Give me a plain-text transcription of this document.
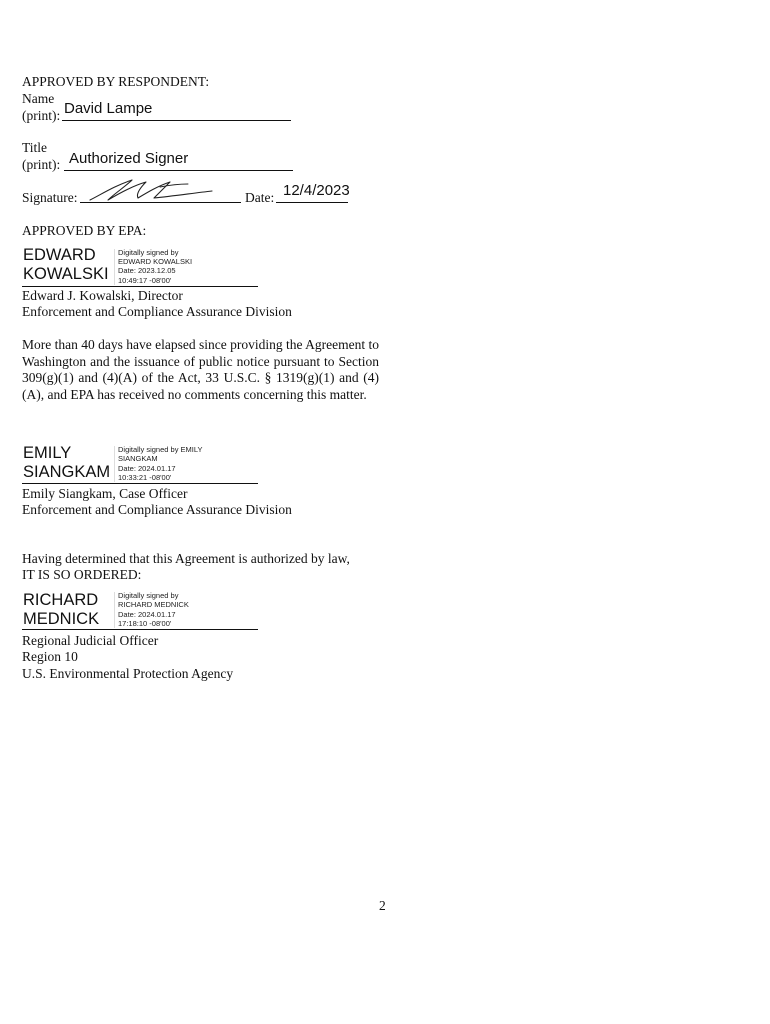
APPROVED BY RESPONDENT:
Name
(print): David Lampe
Title
(print): Authorized Signer
Signature:	Date: 12/4/2023
APPROVED BY EPA:
EDWARD
KOWALSKI
Digitally signed by
EDWARD KOWALSKI
Date: 2023.12.05
10:49:17 -08'00'
Edward J. Kowalski, Director
Enforcement and Compliance Assurance Division
More than 40 days have elapsed since providing the Agreement to Washington and the issuance of public notice pursuant to Section 309(g)(1) and (4)(A) of the Act, 33 U.S.C. § 1319(g)(1) and (4)(A), and EPA has received no comments concerning this matter.
EMILY
SIANGKAM
Digitally signed by EMILY
SIANGKAM
Date: 2024.01.17
10:33:21 -08'00'
Emily Siangkam, Case Officer
Enforcement and Compliance Assurance Division
Having determined that this Agreement is authorized by law,
IT IS SO ORDERED:
RICHARD
MEDNICK
Digitally signed by
RICHARD MEDNICK
Date: 2024.01.17
17:18:10 -08'00'
Regional Judicial Officer
Region 10
U.S. Environmental Protection Agency
2
